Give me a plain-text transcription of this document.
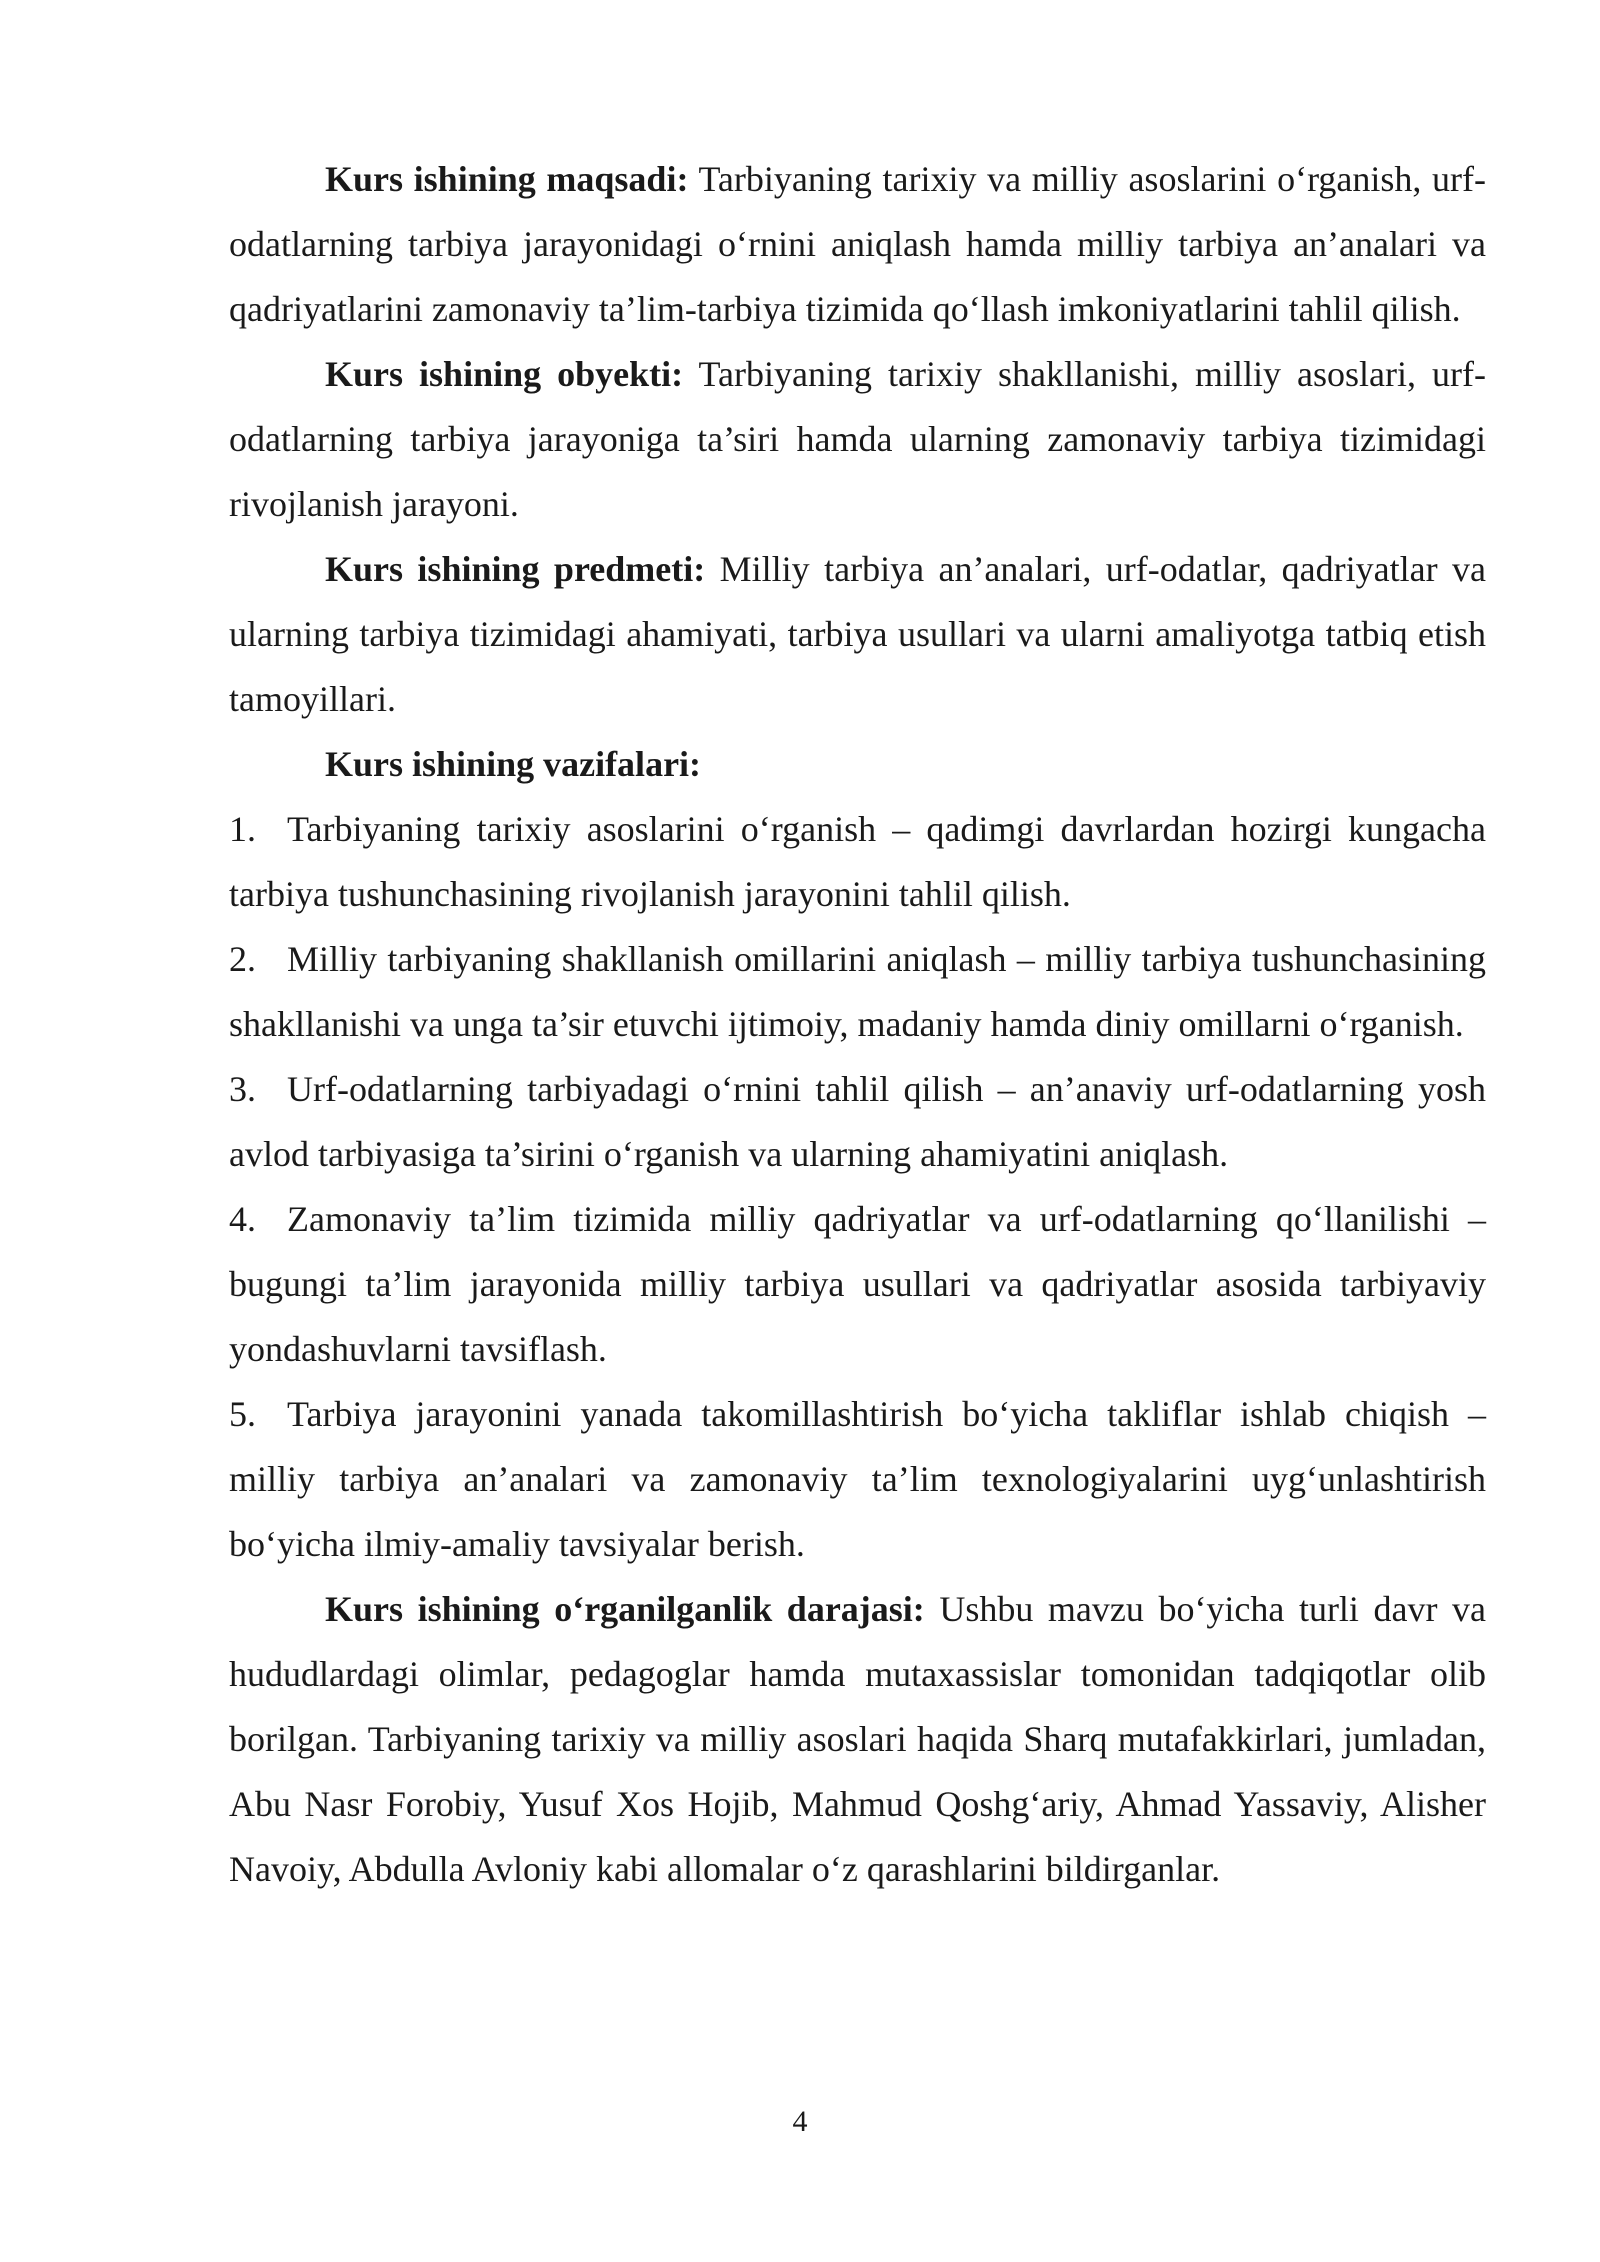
Kurs ishining maqsadi: Tarbiyaning tarixiy va milliy asoslarini o‘rganish, urf-odatlarning tarbiya jarayonidagi o‘rnini aniqlash hamda milliy tarbiya an’analari va qadriyatlarini zamonaviy ta’lim-tarbiya tizimida qo‘llash imkoniyatlarini tahlil qilish.

Kurs ishining obyekti: Tarbiyaning tarixiy shakllanishi, milliy asoslari, urf-odatlarning tarbiya jarayoniga ta’siri hamda ularning zamonaviy tarbiya tizimidagi rivojlanish jarayoni.

Kurs ishining predmeti: Milliy tarbiya an’analari, urf-odatlar, qadriyatlar va ularning tarbiya tizimidagi ahamiyati, tarbiya usullari va ularni amaliyotga tatbiq etish tamoyillari.

Kurs ishining vazifalari:

1. Tarbiyaning tarixiy asoslarini o‘rganish – qadimgi davrlardan hozirgi kungacha tarbiya tushunchasining rivojlanish jarayonini tahlil qilish.

2. Milliy tarbiyaning shakllanish omillarini aniqlash – milliy tarbiya tushunchasining shakllanishi va unga ta’sir etuvchi ijtimoiy, madaniy hamda diniy omillarni o‘rganish.

3. Urf-odatlarning tarbiyadagi o‘rnini tahlil qilish – an’anaviy urf-odatlarning yosh avlod tarbiyasiga ta’sirini o‘rganish va ularning ahamiyatini aniqlash.

4. Zamonaviy ta’lim tizimida milliy qadriyatlar va urf-odatlarning qo‘llanilishi – bugungi ta’lim jarayonida milliy tarbiya usullari va qadriyatlar asosida tarbiyaviy yondashuvlarni tavsiflash.

5. Tarbiya jarayonini yanada takomillashtirish bo‘yicha takliflar ishlab chiqish – milliy tarbiya an’analari va zamonaviy ta’lim texnologiyalarini uyg‘unlashtirish bo‘yicha ilmiy-amaliy tavsiyalar berish.

Kurs ishining o‘rganilganlik darajasi: Ushbu mavzu bo‘yicha turli davr va hududlardagi olimlar, pedagoglar hamda mutaxassislar tomonidan tadqiqotlar olib borilgan. Tarbiyaning tarixiy va milliy asoslari haqida Sharq mutafakkirlari, jumladan, Abu Nasr Forobiy, Yusuf Xos Hojib, Mahmud Qoshg‘ariy, Ahmad Yassaviy, Alisher Navoiy, Abdulla Avloniy kabi allomalar o‘z qarashlarini bildirganlar.

4
